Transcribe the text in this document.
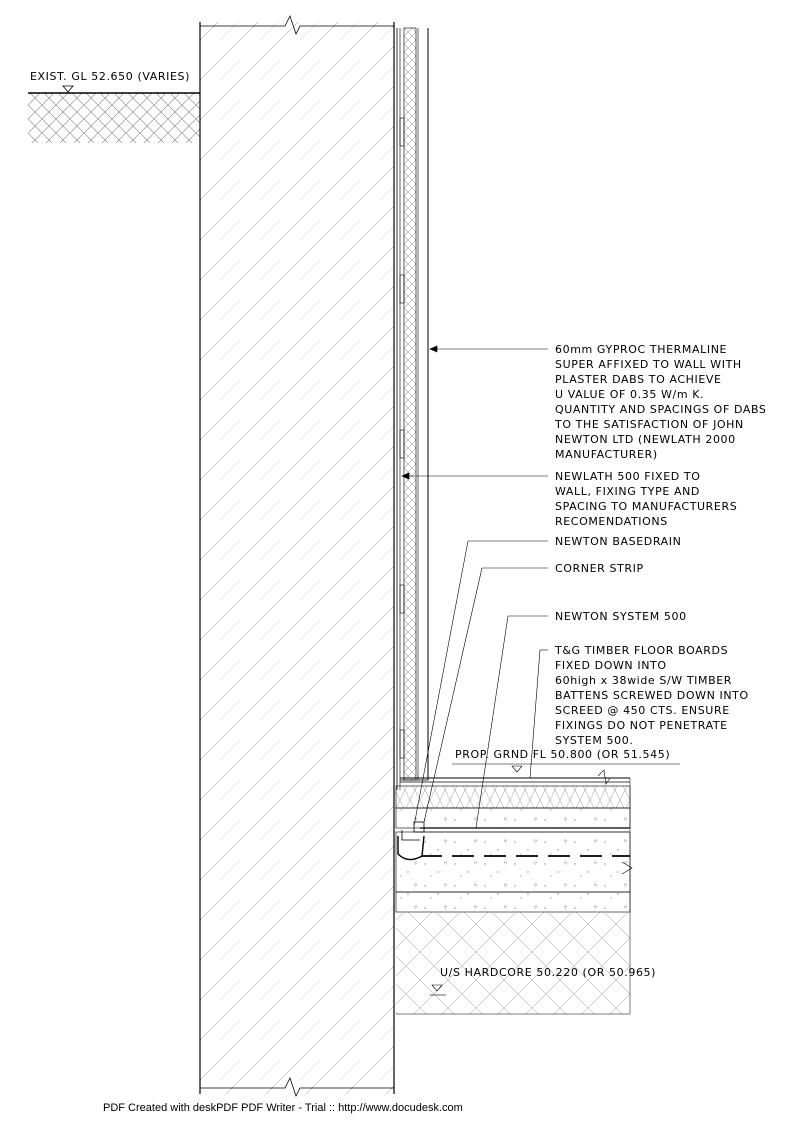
EXIST. GL 52.650 (VARIES)
PROP. GRND FL 50.800 (OR 51.545)
U/S HARDCORE 50.220 (OR 50.965)
60mm GYPROC THERMALINE
SUPER AFFIXED TO WALL WITH
PLASTER DABS TO ACHIEVE
U VALUE OF 0.35 W/m K.
QUANTITY AND SPACINGS OF DABS
TO THE SATISFACTION OF JOHN
NEWTON LTD (NEWLATH 2000
MANUFACTURER)
NEWLATH 500 FIXED TO
WALL, FIXING TYPE AND
SPACING TO MANUFACTURERS
RECOMENDATIONS
NEWTON BASEDRAIN
CORNER STRIP
NEWTON SYSTEM 500
T&G TIMBER FLOOR BOARDS
FIXED DOWN INTO
60high x 38wide S/W TIMBER
BATTENS SCREWED DOWN INTO
SCREED @ 450 CTS. ENSURE
FIXINGS DO NOT PENETRATE
SYSTEM 500.
PDF Created with deskPDF PDF Writer - Trial :: http://www.docudesk.com
